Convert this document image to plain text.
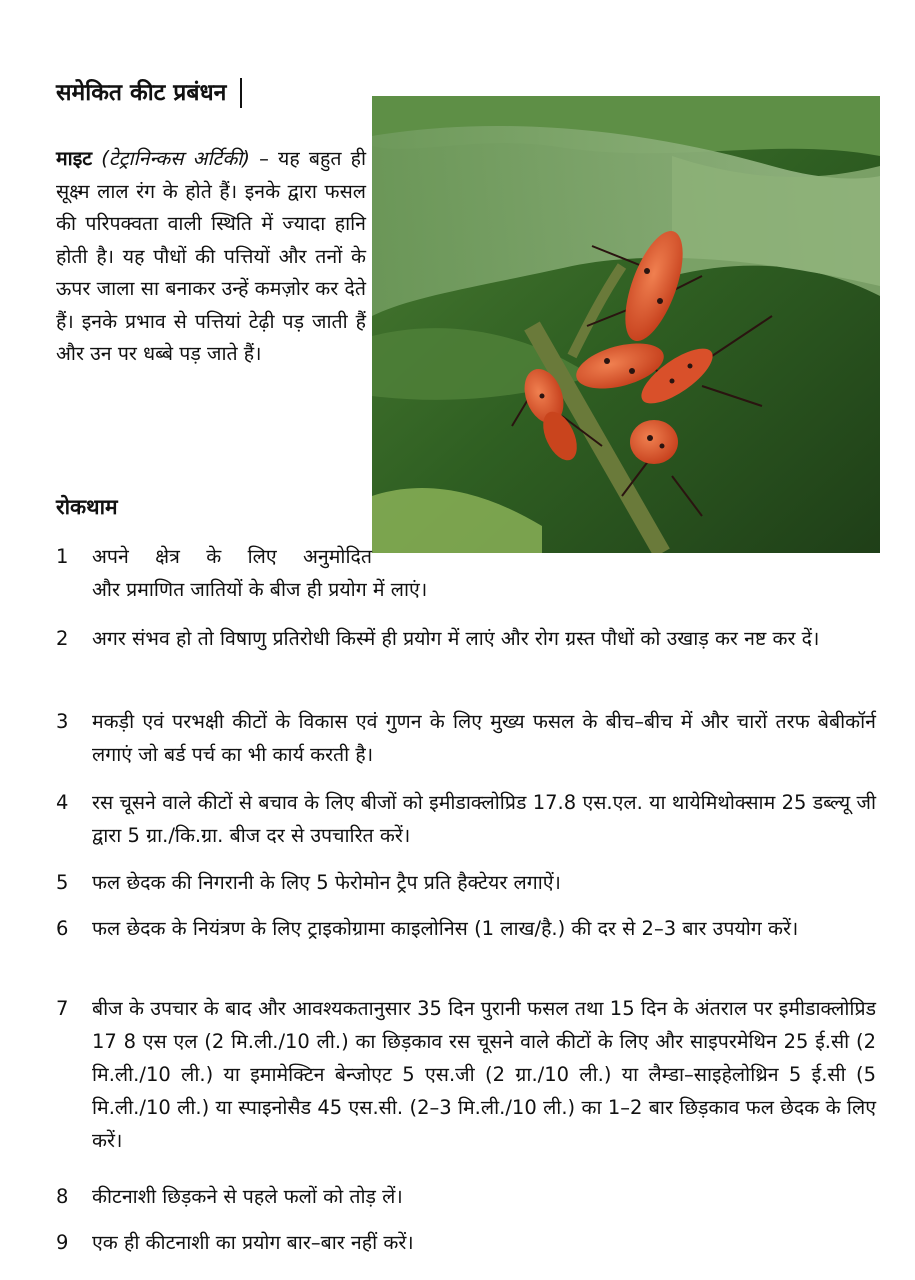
समेकित कीट प्रबंधन
माइट (टेट्रानिन्कस अर्टिकी) – यह बहुत ही सूक्ष्म लाल रंग के होते हैं। इनके द्वारा फसल की परिपक्वता वाली स्थिति में ज्यादा हानि होती है। यह पौधों की पत्तियों और तनों के ऊपर जाला सा बनाकर उन्हें कमज़ोर कर देते हैं। इनके प्रभाव से पत्तियां टेढ़ी पड़ जाती हैं और उन पर धब्बे पड़ जाते हैं।
रोकथाम
1	अपने क्षेत्र के लिए अनुमोदित
और प्रमाणित जातियों के बीज ही प्रयोग में लाएं।
2	अगर संभव हो तो विषाणु प्रतिरोधी किस्में ही प्रयोग में लाएं और रोग ग्रस्त पौधों को उखाड़ कर नष्ट कर दें।
3	मकड़ी एवं परभक्षी कीटों के विकास एवं गुणन के लिए मुख्य फसल के बीच–बीच में और चारों तरफ बेबीकॉर्न लगाएं जो बर्ड पर्च का भी कार्य करती है।
4	रस चूसने वाले कीटों से बचाव के लिए बीजों को इमीडाक्लोप्रिड 17.8 एस.एल. या थायेमिथोक्साम 25 डब्ल्यू जी द्वारा 5 ग्रा./कि.ग्रा. बीज दर से उपचारित करें।
5	फल छेदक की निगरानी के लिए 5 फेरोमोन ट्रैप प्रति हैक्टेयर लगाऐं।
6	फल छेदक के नियंत्रण के लिए ट्राइकोग्रामा काइलोनिस (1 लाख/है.) की दर से 2–3 बार उपयोग करें।
7	बीज के उपचार के बाद और आवश्यकतानुसार 35 दिन पुरानी फसल तथा 15 दिन के अंतराल पर इमीडाक्लोप्रिड 17 8 एस एल (2 मि.ली./10 ली.) का छिड़काव रस चूसने वाले कीटों के लिए और साइपरमेथिन 25 ई.सी (2 मि.ली./10 ली.) या इमामेक्टिन बेन्जोएट 5 एस.जी (2 ग्रा./10 ली.) या लैम्डा–साइहेलोथ्रिन 5 ई.सी (5 मि.ली./10 ली.) या स्पाइनोसैड 45 एस.सी. (2–3 मि.ली./10 ली.) का 1–2 बार छिड़काव फल छेदक के लिए करें।
8	कीटनाशी छिड़कने से पहले फलों को तोड़ लें।
9	एक ही कीटनाशी का प्रयोग बार–बार नहीं करें।
